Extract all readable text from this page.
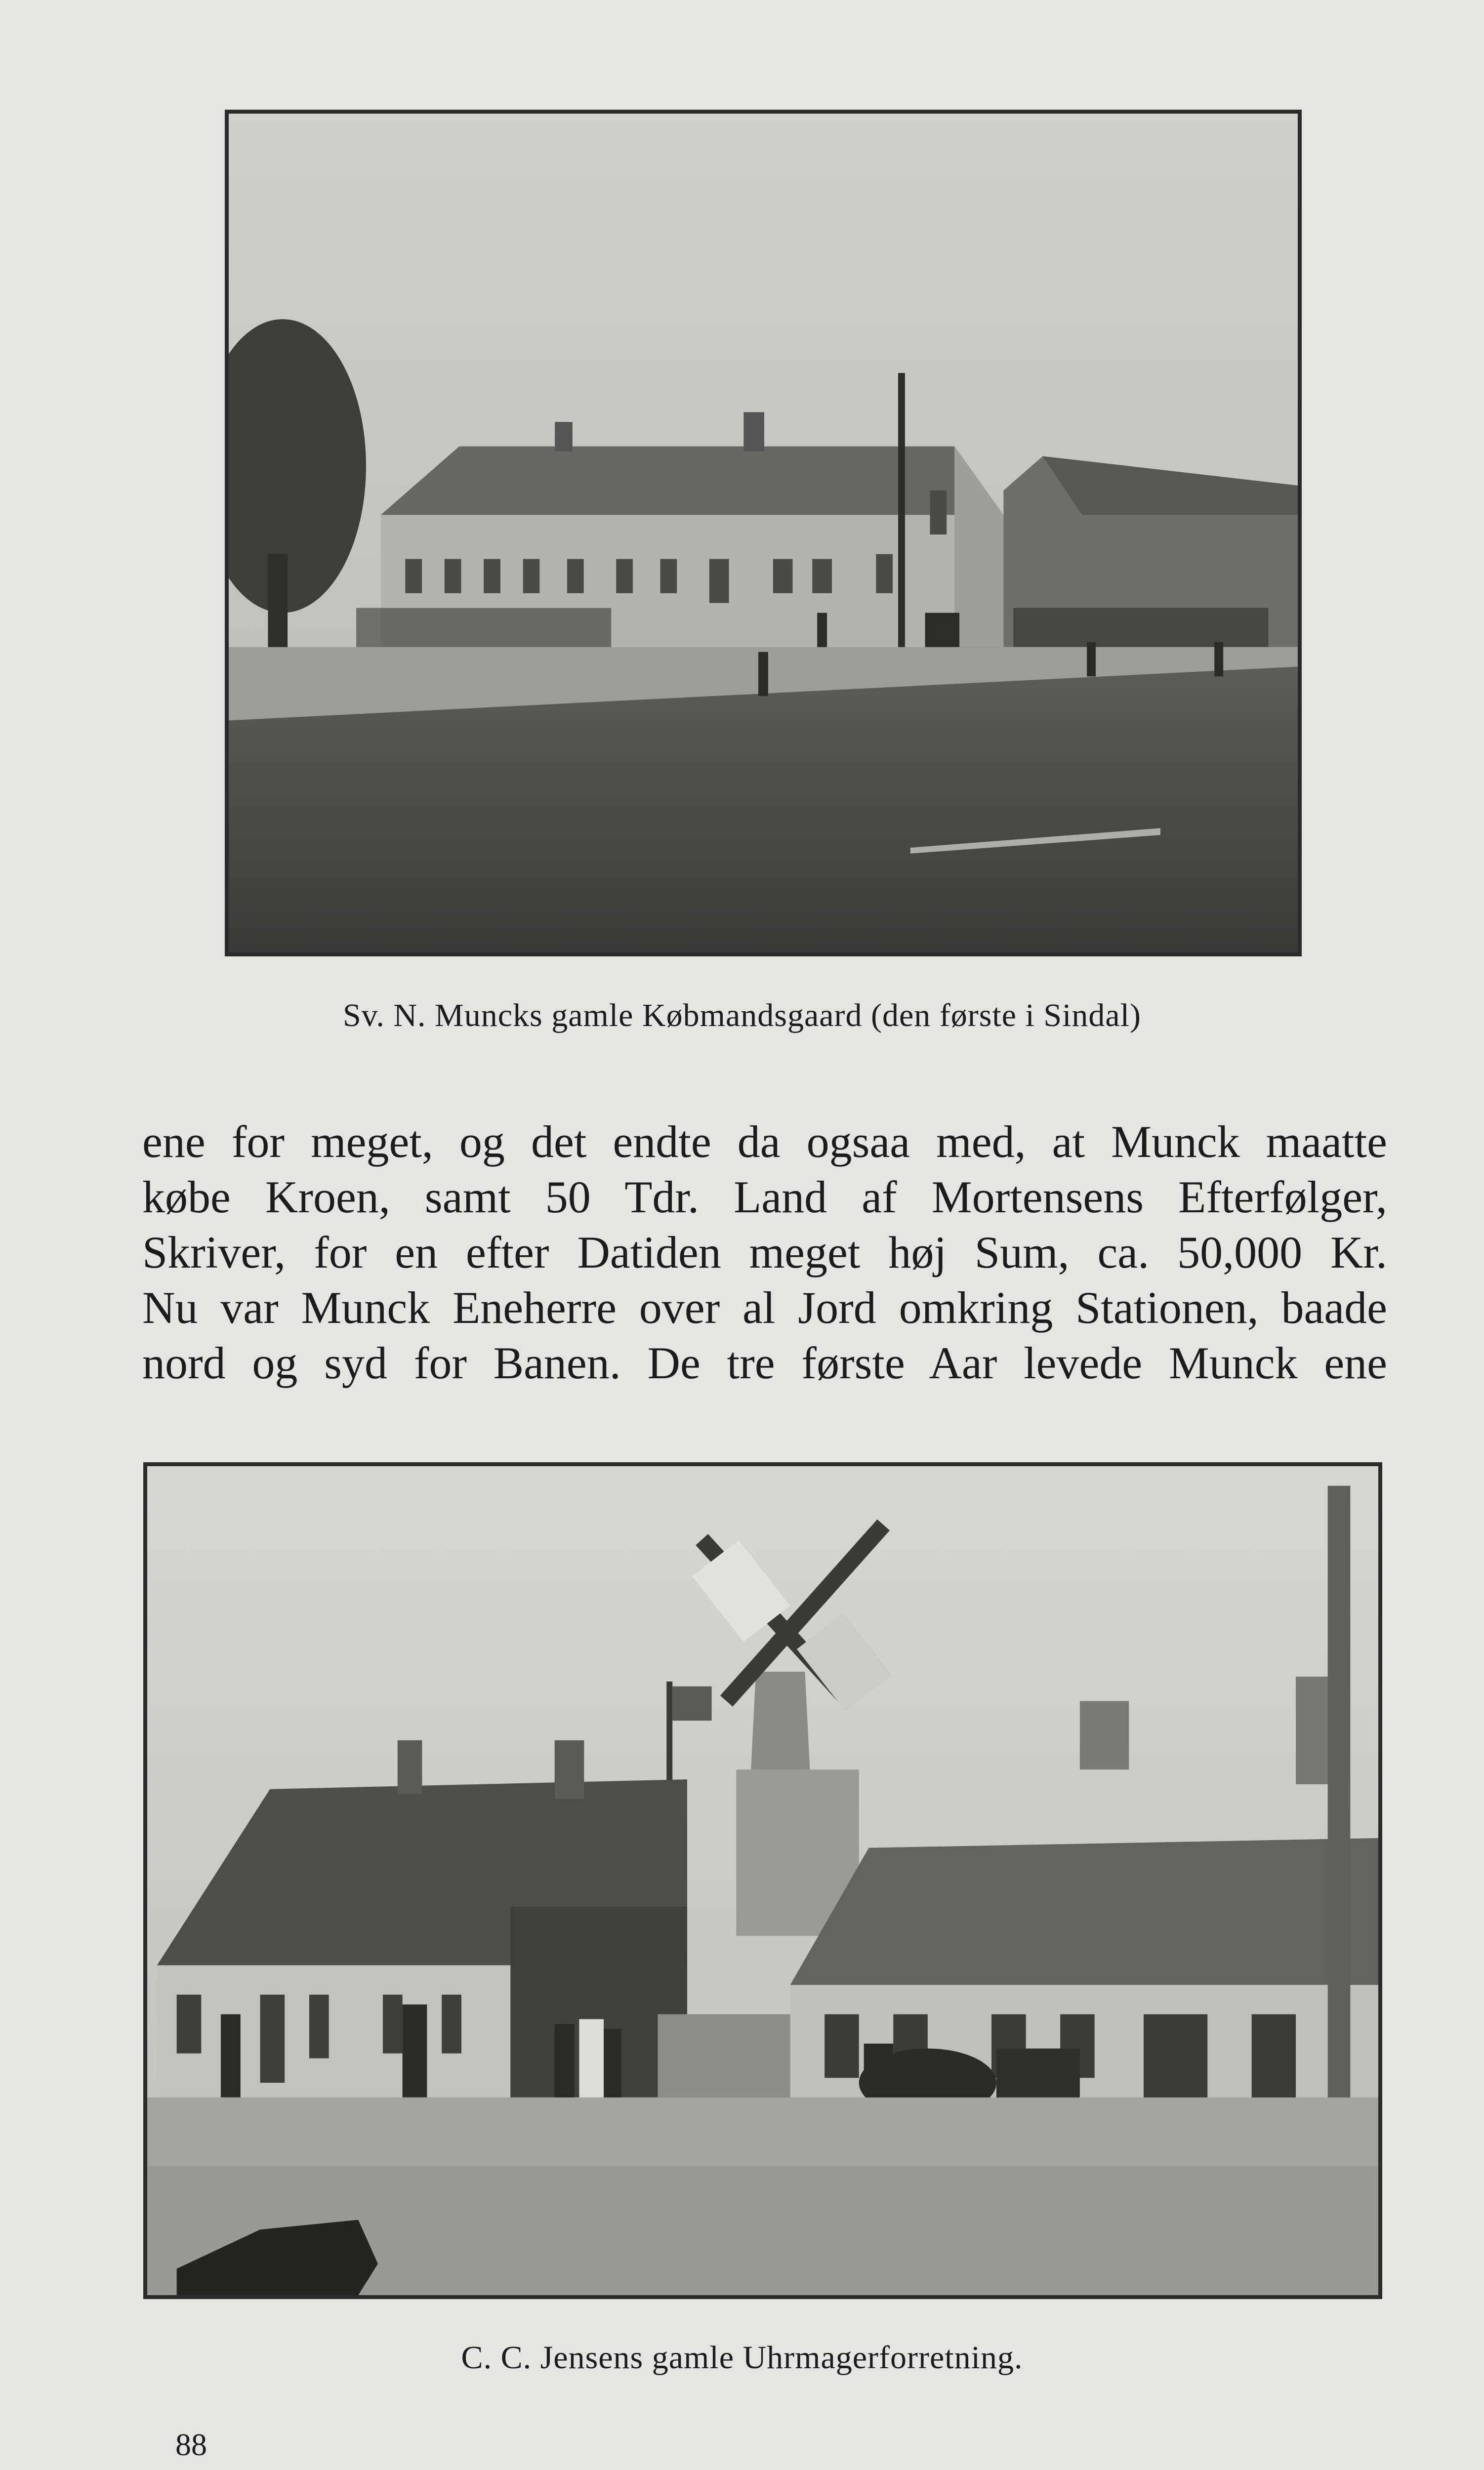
Sv. N. Muncks gamle Købmandsgaard (den første i Sindal)
ene for meget, og det endte da ogsaa med, at Munck maatte
købe Kroen, samt 50 Tdr. Land af Mortensens Efterfølger,
Skriver, for en efter Datiden meget høj Sum, ca. 50,000 Kr.
Nu var Munck Eneherre over al Jord omkring Stationen, baade
nord og syd for Banen. De tre første Aar levede Munck ene
C. C. Jensens gamle Uhrmagerforretning.
88
